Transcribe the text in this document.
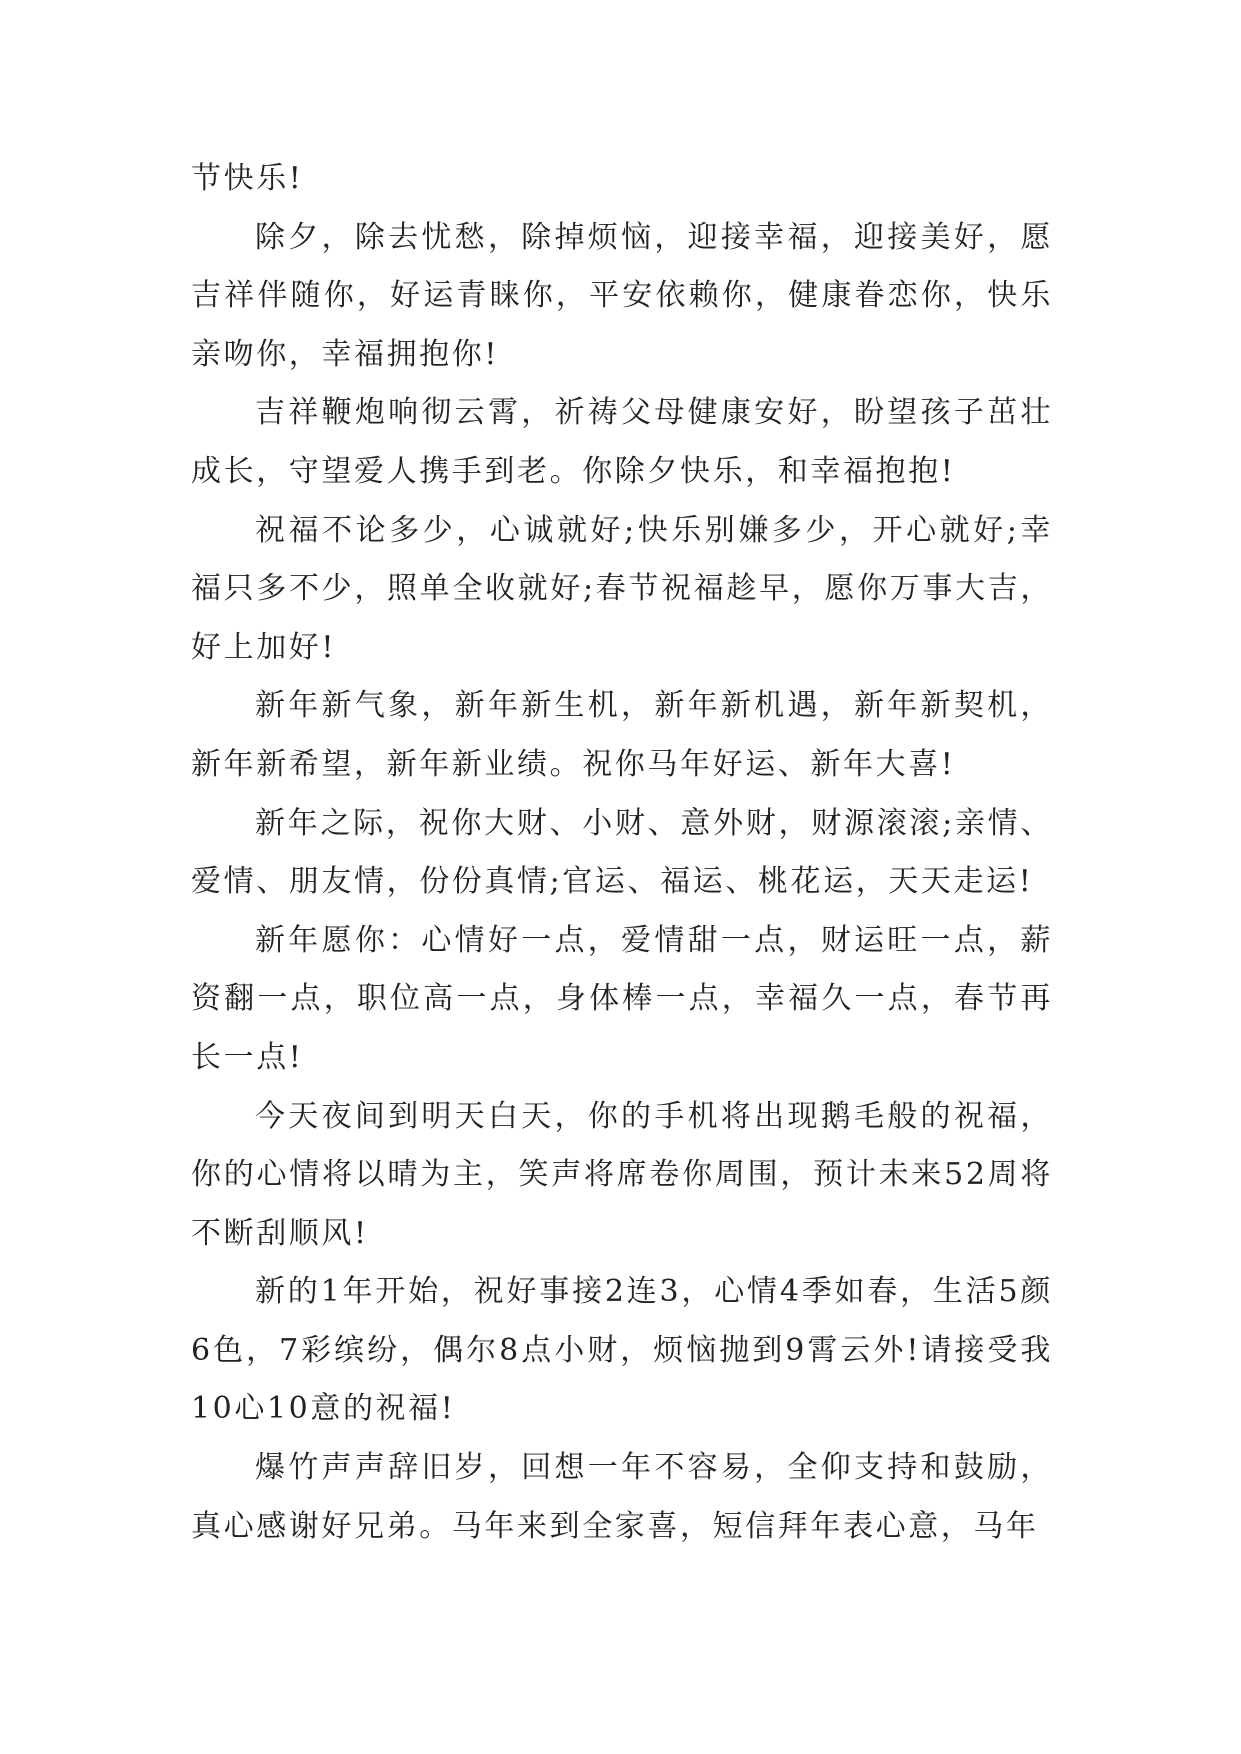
节快乐!

除夕，除去忧愁，除掉烦恼，迎接幸福，迎接美好，愿吉祥伴随你，好运青睐你，平安依赖你，健康眷恋你，快乐亲吻你，幸福拥抱你!

吉祥鞭炮响彻云霄，祈祷父母健康安好，盼望孩子茁壮成长，守望爱人携手到老。你除夕快乐，和幸福抱抱!

祝福不论多少，心诚就好;快乐别嫌多少，开心就好;幸福只多不少，照单全收就好;春节祝福趁早，愿你万事大吉，好上加好!

新年新气象，新年新生机，新年新机遇，新年新契机，新年新希望，新年新业绩。祝你马年好运、新年大喜!

新年之际，祝你大财、小财、意外财，财源滚滚;亲情、爱情、朋友情，份份真情;官运、福运、桃花运，天天走运!

新年愿你：心情好一点，爱情甜一点，财运旺一点，薪资翻一点，职位高一点，身体棒一点，幸福久一点，春节再长一点!

今天夜间到明天白天，你的手机将出现鹅毛般的祝福，你的心情将以晴为主，笑声将席卷你周围，预计未来52周将不断刮顺风!

新的1年开始，祝好事接2连3，心情4季如春，生活5颜6色，7彩缤纷，偶尔8点小财，烦恼抛到9霄云外!请接受我10心10意的祝福!

爆竹声声辞旧岁，回想一年不容易，全仰支持和鼓励，真心感谢好兄弟。马年来到全家喜，短信拜年表心意，马年
